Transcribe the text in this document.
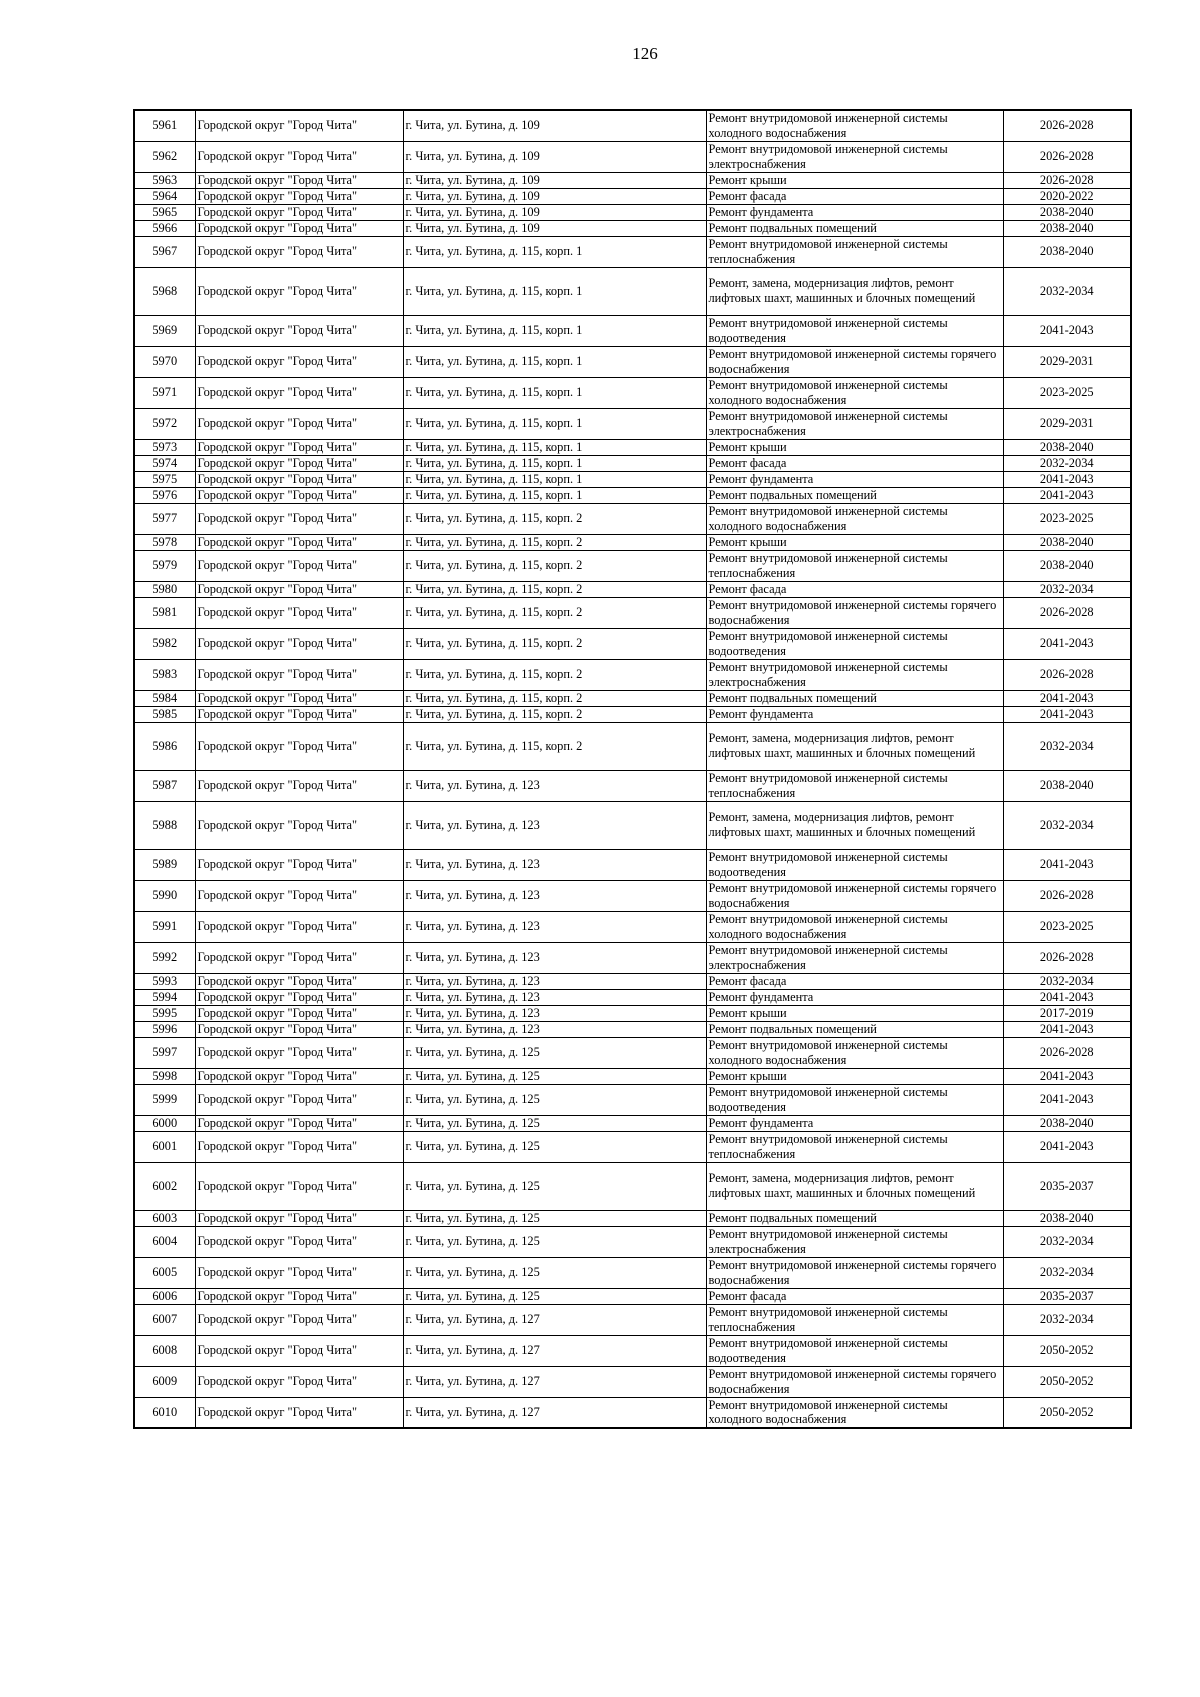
126
5961	Городской округ "Город Чита"	г. Чита, ул. Бутина, д. 109	Ремонт внутридомовой инженерной системы холодного водоснабжения	2026-2028
5962	Городской округ "Город Чита"	г. Чита, ул. Бутина, д. 109	Ремонт внутридомовой инженерной системы электроснабжения	2026-2028
5963	Городской округ "Город Чита"	г. Чита, ул. Бутина, д. 109	Ремонт крыши	2026-2028
5964	Городской округ "Город Чита"	г. Чита, ул. Бутина, д. 109	Ремонт фасада	2020-2022
5965	Городской округ "Город Чита"	г. Чита, ул. Бутина, д. 109	Ремонт фундамента	2038-2040
5966	Городской округ "Город Чита"	г. Чита, ул. Бутина, д. 109	Ремонт подвальных помещений	2038-2040
5967	Городской округ "Город Чита"	г. Чита, ул. Бутина, д. 115, корп. 1	Ремонт внутридомовой инженерной системы теплоснабжения	2038-2040
5968	Городской округ "Город Чита"	г. Чита, ул. Бутина, д. 115, корп. 1	Ремонт, замена, модернизация лифтов, ремонт лифтовых шахт, машинных и блочных помещений	2032-2034
5969	Городской округ "Город Чита"	г. Чита, ул. Бутина, д. 115, корп. 1	Ремонт внутридомовой инженерной системы водоотведения	2041-2043
5970	Городской округ "Город Чита"	г. Чита, ул. Бутина, д. 115, корп. 1	Ремонт внутридомовой инженерной системы горячего водоснабжения	2029-2031
5971	Городской округ "Город Чита"	г. Чита, ул. Бутина, д. 115, корп. 1	Ремонт внутридомовой инженерной системы холодного водоснабжения	2023-2025
5972	Городской округ "Город Чита"	г. Чита, ул. Бутина, д. 115, корп. 1	Ремонт внутридомовой инженерной системы электроснабжения	2029-2031
5973	Городской округ "Город Чита"	г. Чита, ул. Бутина, д. 115, корп. 1	Ремонт крыши	2038-2040
5974	Городской округ "Город Чита"	г. Чита, ул. Бутина, д. 115, корп. 1	Ремонт фасада	2032-2034
5975	Городской округ "Город Чита"	г. Чита, ул. Бутина, д. 115, корп. 1	Ремонт фундамента	2041-2043
5976	Городской округ "Город Чита"	г. Чита, ул. Бутина, д. 115, корп. 1	Ремонт подвальных помещений	2041-2043
5977	Городской округ "Город Чита"	г. Чита, ул. Бутина, д. 115, корп. 2	Ремонт внутридомовой инженерной системы холодного водоснабжения	2023-2025
5978	Городской округ "Город Чита"	г. Чита, ул. Бутина, д. 115, корп. 2	Ремонт крыши	2038-2040
5979	Городской округ "Город Чита"	г. Чита, ул. Бутина, д. 115, корп. 2	Ремонт внутридомовой инженерной системы теплоснабжения	2038-2040
5980	Городской округ "Город Чита"	г. Чита, ул. Бутина, д. 115, корп. 2	Ремонт фасада	2032-2034
5981	Городской округ "Город Чита"	г. Чита, ул. Бутина, д. 115, корп. 2	Ремонт внутридомовой инженерной системы горячего водоснабжения	2026-2028
5982	Городской округ "Город Чита"	г. Чита, ул. Бутина, д. 115, корп. 2	Ремонт внутридомовой инженерной системы водоотведения	2041-2043
5983	Городской округ "Город Чита"	г. Чита, ул. Бутина, д. 115, корп. 2	Ремонт внутридомовой инженерной системы электроснабжения	2026-2028
5984	Городской округ "Город Чита"	г. Чита, ул. Бутина, д. 115, корп. 2	Ремонт подвальных помещений	2041-2043
5985	Городской округ "Город Чита"	г. Чита, ул. Бутина, д. 115, корп. 2	Ремонт фундамента	2041-2043
5986	Городской округ "Город Чита"	г. Чита, ул. Бутина, д. 115, корп. 2	Ремонт, замена, модернизация лифтов, ремонт лифтовых шахт, машинных и блочных помещений	2032-2034
5987	Городской округ "Город Чита"	г. Чита, ул. Бутина, д. 123	Ремонт внутридомовой инженерной системы теплоснабжения	2038-2040
5988	Городской округ "Город Чита"	г. Чита, ул. Бутина, д. 123	Ремонт, замена, модернизация лифтов, ремонт лифтовых шахт, машинных и блочных помещений	2032-2034
5989	Городской округ "Город Чита"	г. Чита, ул. Бутина, д. 123	Ремонт внутридомовой инженерной системы водоотведения	2041-2043
5990	Городской округ "Город Чита"	г. Чита, ул. Бутина, д. 123	Ремонт внутридомовой инженерной системы горячего водоснабжения	2026-2028
5991	Городской округ "Город Чита"	г. Чита, ул. Бутина, д. 123	Ремонт внутридомовой инженерной системы холодного водоснабжения	2023-2025
5992	Городской округ "Город Чита"	г. Чита, ул. Бутина, д. 123	Ремонт внутридомовой инженерной системы электроснабжения	2026-2028
5993	Городской округ "Город Чита"	г. Чита, ул. Бутина, д. 123	Ремонт фасада	2032-2034
5994	Городской округ "Город Чита"	г. Чита, ул. Бутина, д. 123	Ремонт фундамента	2041-2043
5995	Городской округ "Город Чита"	г. Чита, ул. Бутина, д. 123	Ремонт крыши	2017-2019
5996	Городской округ "Город Чита"	г. Чита, ул. Бутина, д. 123	Ремонт подвальных помещений	2041-2043
5997	Городской округ "Город Чита"	г. Чита, ул. Бутина, д. 125	Ремонт внутридомовой инженерной системы холодного водоснабжения	2026-2028
5998	Городской округ "Город Чита"	г. Чита, ул. Бутина, д. 125	Ремонт крыши	2041-2043
5999	Городской округ "Город Чита"	г. Чита, ул. Бутина, д. 125	Ремонт внутридомовой инженерной системы водоотведения	2041-2043
6000	Городской округ "Город Чита"	г. Чита, ул. Бутина, д. 125	Ремонт фундамента	2038-2040
6001	Городской округ "Город Чита"	г. Чита, ул. Бутина, д. 125	Ремонт внутридомовой инженерной системы теплоснабжения	2041-2043
6002	Городской округ "Город Чита"	г. Чита, ул. Бутина, д. 125	Ремонт, замена, модернизация лифтов, ремонт лифтовых шахт, машинных и блочных помещений	2035-2037
6003	Городской округ "Город Чита"	г. Чита, ул. Бутина, д. 125	Ремонт подвальных помещений	2038-2040
6004	Городской округ "Город Чита"	г. Чита, ул. Бутина, д. 125	Ремонт внутридомовой инженерной системы электроснабжения	2032-2034
6005	Городской округ "Город Чита"	г. Чита, ул. Бутина, д. 125	Ремонт внутридомовой инженерной системы горячего водоснабжения	2032-2034
6006	Городской округ "Город Чита"	г. Чита, ул. Бутина, д. 125	Ремонт фасада	2035-2037
6007	Городской округ "Город Чита"	г. Чита, ул. Бутина, д. 127	Ремонт внутридомовой инженерной системы теплоснабжения	2032-2034
6008	Городской округ "Город Чита"	г. Чита, ул. Бутина, д. 127	Ремонт внутридомовой инженерной системы водоотведения	2050-2052
6009	Городской округ "Город Чита"	г. Чита, ул. Бутина, д. 127	Ремонт внутридомовой инженерной системы горячего водоснабжения	2050-2052
6010	Городской округ "Город Чита"	г. Чита, ул. Бутина, д. 127	Ремонт внутридомовой инженерной системы холодного водоснабжения	2050-2052
